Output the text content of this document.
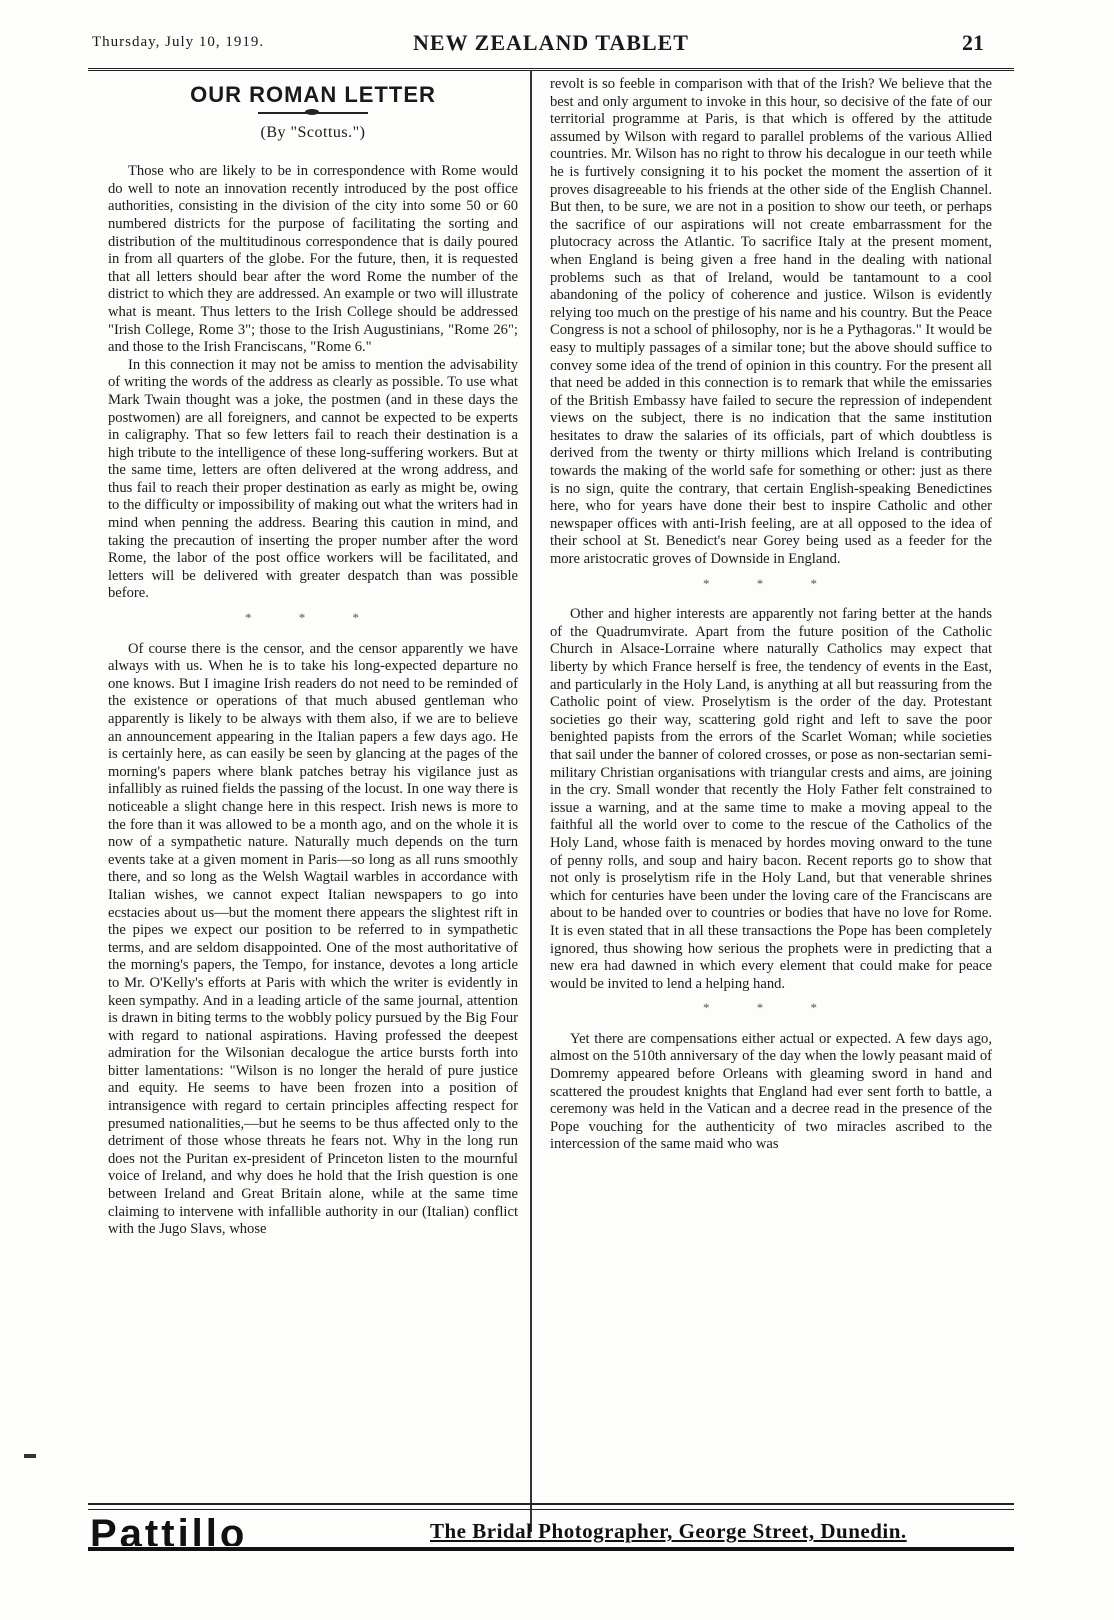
Thursday, July 10, 1919.	NEW ZEALAND TABLET	21
OUR ROMAN LETTER
(By "Scottus.")

Those who are likely to be in correspondence with Rome would do well to note an innovation recently introduced by the post office authorities, consisting in the division of the city into some 50 or 60 numbered districts for the purpose of facilitating the sorting and distribution of the multitudinous correspondence that is daily poured in from all quarters of the globe. For the future, then, it is requested that all letters should bear after the word Rome the number of the district to which they are addressed. An example or two will illustrate what is meant. Thus letters to the Irish College should be addressed "Irish College, Rome 3"; those to the Irish Augustinians, "Rome 26"; and those to the Irish Franciscans, "Rome 6."

In this connection it may not be amiss to mention the advisability of writing the words of the address as clearly as possible. To use what Mark Twain thought was a joke, the postmen (and in these days the postwomen) are all foreigners, and cannot be expected to be experts in caligraphy. That so few letters fail to reach their destination is a high tribute to the intelligence of these long-suffering workers. But at the same time, letters are often delivered at the wrong address, and thus fail to reach their proper destination as early as might be, owing to the difficulty or impossibility of making out what the writers had in mind when penning the address. Bearing this caution in mind, and taking the precaution of inserting the proper number after the word Rome, the labor of the post office workers will be facilitated, and letters will be delivered with greater despatch than was possible before.

* * *

Of course there is the censor, and the censor apparently we have always with us. When he is to take his long-expected departure no one knows. But I imagine Irish readers do not need to be reminded of the existence or operations of that much abused gentleman who apparently is likely to be always with them also, if we are to believe an announcement appearing in the Italian papers a few days ago. He is certainly here, as can easily be seen by glancing at the pages of the morning's papers where blank patches betray his vigilance just as infallibly as ruined fields the passing of the locust. In one way there is noticeable a slight change here in this respect. Irish news is more to the fore than it was allowed to be a month ago, and on the whole it is now of a sympathetic nature. Naturally much depends on the turn events take at a given moment in Paris—so long as all runs smoothly there, and so long as the Welsh Wagtail warbles in accordance with Italian wishes, we cannot expect Italian newspapers to go into ecstacies about us—but the moment there appears the slightest rift in the pipes we expect our position to be referred to in sympathetic terms, and are seldom disappointed. One of the most authoritative of the morning's papers, the Tempo, for instance, devotes a long article to Mr. O'Kelly's efforts at Paris with which the writer is evidently in keen sympathy. And in a leading article of the same journal, attention is drawn in biting terms to the wobbly policy pursued by the Big Four with regard to national aspirations. Having professed the deepest admiration for the Wilsonian decalogue the artice bursts forth into bitter lamentations: "Wilson is no longer the herald of pure justice and equity. He seems to have been frozen into a position of intransigence with regard to certain principles affecting respect for presumed nationalities,—but he seems to be thus affected only to the detriment of those whose threats he fears not. Why in the long run does not the Puritan ex-president of Princeton listen to the mournful voice of Ireland, and why does he hold that the Irish question is one between Ireland and Great Britain alone, while at the same time claiming to intervene with infallible authority in our (Italian) conflict with the Jugo Slavs, whose

revolt is so feeble in comparison with that of the Irish? We believe that the best and only argument to invoke in this hour, so decisive of the fate of our territorial programme at Paris, is that which is offered by the attitude assumed by Wilson with regard to parallel problems of the various Allied countries. Mr. Wilson has no right to throw his decalogue in our teeth while he is furtively consigning it to his pocket the moment the assertion of it proves disagreeable to his friends at the other side of the English Channel. But then, to be sure, we are not in a position to show our teeth, or perhaps the sacrifice of our aspirations will not create embarrassment for the plutocracy across the Atlantic. To sacrifice Italy at the present moment, when England is being given a free hand in the dealing with national problems such as that of Ireland, would be tantamount to a cool abandoning of the policy of coherence and justice. Wilson is evidently relying too much on the prestige of his name and his country. But the Peace Congress is not a school of philosophy, nor is he a Pythagoras." It would be easy to multiply passages of a similar tone; but the above should suffice to convey some idea of the trend of opinion in this country. For the present all that need be added in this connection is to remark that while the emissaries of the British Embassy have failed to secure the repression of independent views on the subject, there is no indication that the same institution hesitates to draw the salaries of its officials, part of which doubtless is derived from the twenty or thirty millions which Ireland is contributing towards the making of the world safe for something or other: just as there is no sign, quite the contrary, that certain English-speaking Benedictines here, who for years have done their best to inspire Catholic and other newspaper offices with anti-Irish feeling, are at all opposed to the idea of their school at St. Benedict's near Gorey being used as a feeder for the more aristocratic groves of Downside in England.

* * *

Other and higher interests are apparently not faring better at the hands of the Quadrumvirate. Apart from the future position of the Catholic Church in Alsace-Lorraine where naturally Catholics may expect that liberty by which France herself is free, the tendency of events in the East, and particularly in the Holy Land, is anything at all but reassuring from the Catholic point of view. Proselytism is the order of the day. Protestant societies go their way, scattering gold right and left to save the poor benighted papists from the errors of the Scarlet Woman; while societies that sail under the banner of colored crosses, or pose as non-sectarian semi-military Christian organisations with triangular crests and aims, are joining in the cry. Small wonder that recently the Holy Father felt constrained to issue a warning, and at the same time to make a moving appeal to the faithful all the world over to come to the rescue of the Catholics of the Holy Land, whose faith is menaced by hordes moving onward to the tune of penny rolls, and soup and hairy bacon. Recent reports go to show that not only is proselytism rife in the Holy Land, but that venerable shrines which for centuries have been under the loving care of the Franciscans are about to be handed over to countries or bodies that have no love for Rome. It is even stated that in all these transactions the Pope has been completely ignored, thus showing how serious the prophets were in predicting that a new era had dawned in which every element that could make for peace would be invited to lend a helping hand.

* * *

Yet there are compensations either actual or expected. A few days ago, almost on the 510th anniversary of the day when the lowly peasant maid of Domremy appeared before Orleans with gleaming sword in hand and scattered the proudest knights that England had ever sent forth to battle, a ceremony was held in the Vatican and a decree read in the presence of the Pope vouching for the authenticity of two miracles ascribed to the intercession of the same maid who was

Pattillo	The Bridal Photographer, George Street, Dunedin.
